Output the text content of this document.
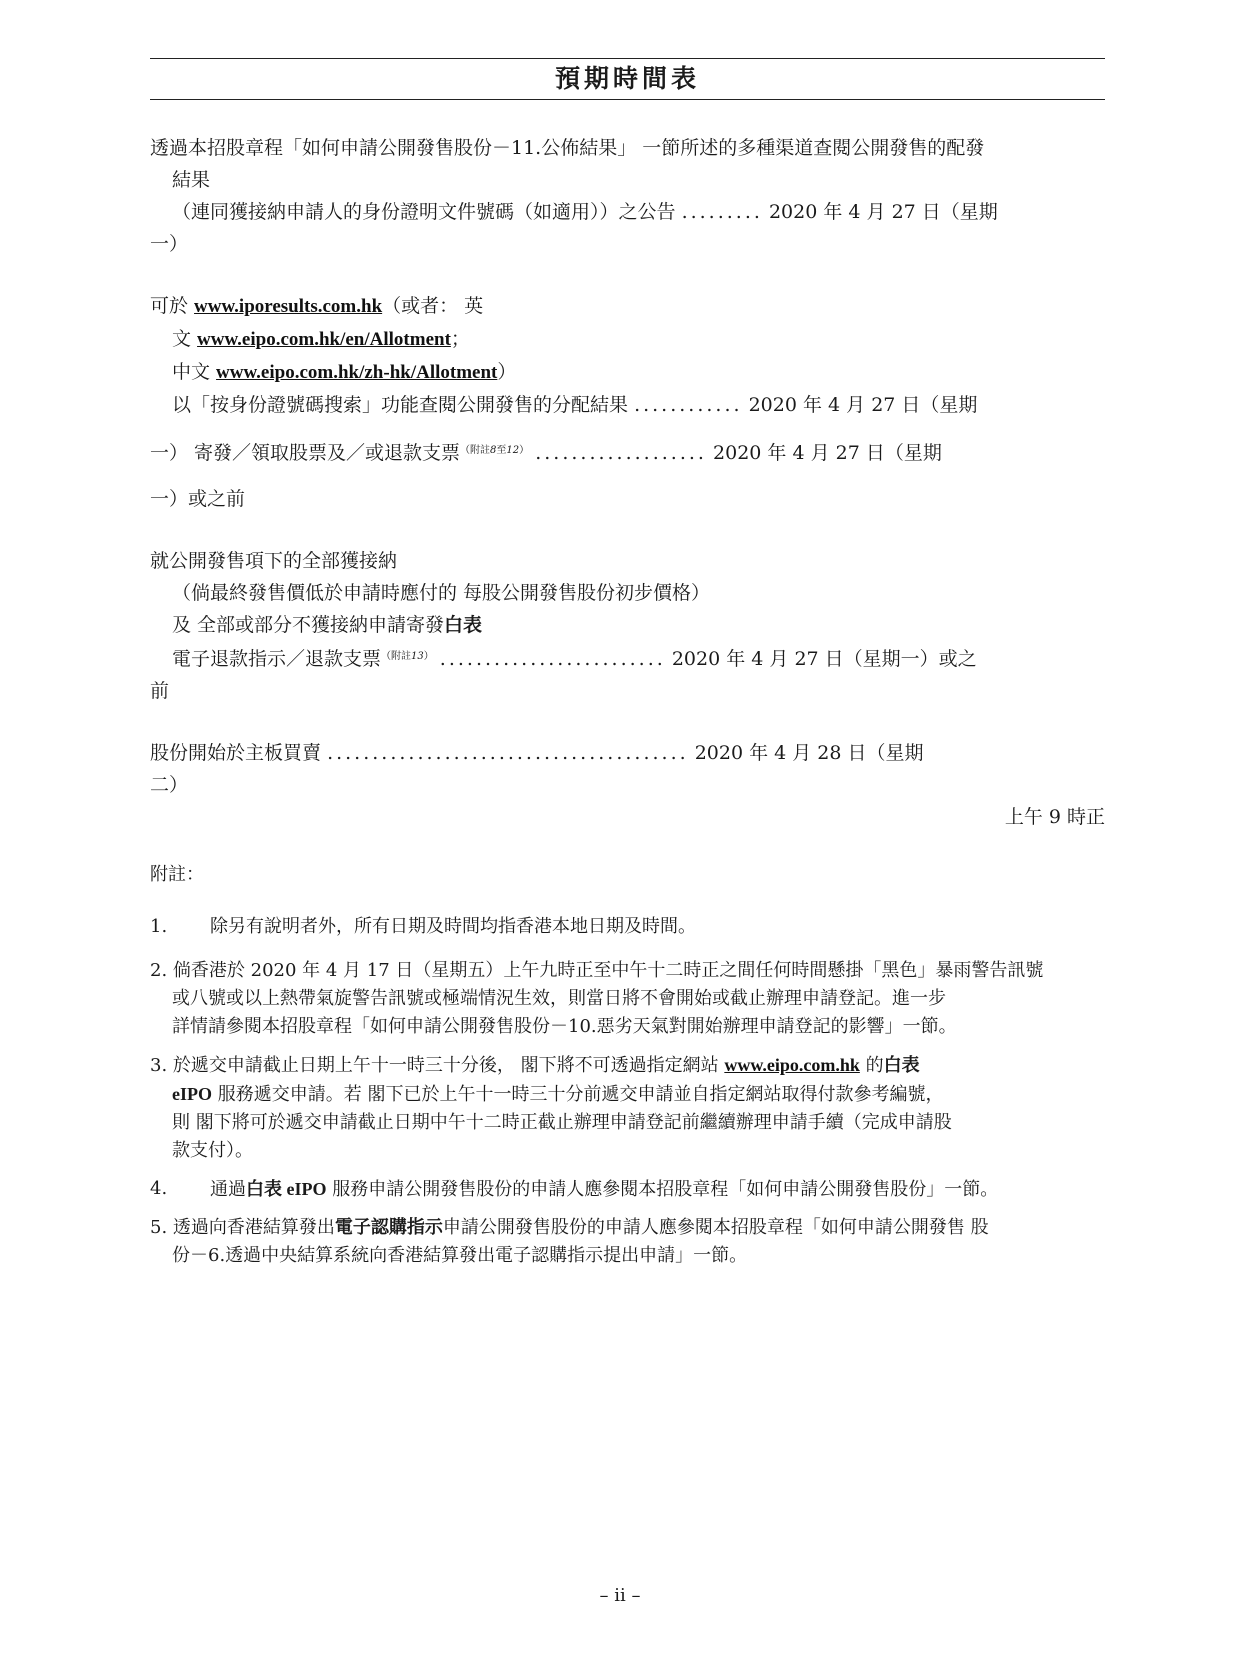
預期時間表
透過本招股章程「如何申請公開發售股份－11.公佈結果」 一節所述的多種渠道查閱公開發售的配發
結果
（連同獲接納申請人的身份證明文件號碼（如適用））之公告 ......... 2020 年 4 月 27 日（星期
一）
可於 www.iporesults.com.hk（或者： 英
文 www.eipo.com.hk/en/Allotment；
中文 www.eipo.com.hk/zh-hk/Allotment）
以「按身份證號碼搜索」功能查閱公開發售的分配結果 ............ 2020 年 4 月 27 日（星期
一） 寄發／領取股票及／或退款支票$^{(附註8至12)}$ ................... 2020 年 4 月 27 日（星期
一）或之前
就公開發售項下的全部獲接納
（倘最終發售價低於申請時應付的 每股公開發售股份初步價格）
及 全部或部分不獲接納申請寄發白表
電子退款指示／退款支票$^{(附註13)}$ ......................... 2020 年 4 月 27 日（星期一）或之
前
股份開始於主板買賣 ........................................ 2020 年 4 月 28 日（星期
二）
上午 9 時正
附註：
1.	除另有說明者外，所有日期及時間均指香港本地日期及時間。
2. 倘香港於 2020 年 4 月 17 日（星期五）上午九時正至中午十二時正之間任何時間懸掛「黑色」暴雨警告訊號
或八號或以上熱帶氣旋警告訊號或極端情況生效，則當日將不會開始或截止辦理申請登記。進一步
詳情請參閱本招股章程「如何申請公開發售股份－10.惡劣天氣對開始辦理申請登記的影響」一節。
3. 於遞交申請截止日期上午十一時三十分後， 閣下將不可透過指定網站 www.eipo.com.hk 的白表
eIPO 服務遞交申請。若 閣下已於上午十一時三十分前遞交申請並自指定網站取得付款參考編號，
則 閣下將可於遞交申請截止日期中午十二時正截止辦理申請登記前繼續辦理申請手續（完成申請股
款支付）。
4.	通過白表 eIPO 服務申請公開發售股份的申請人應參閱本招股章程「如何申請公開發售股份」一節。
5. 透過向香港結算發出電子認購指示申請公開發售股份的申請人應參閱本招股章程「如何申請公開發售 股
份－6.透過中央結算系統向香港結算發出電子認購指示提出申請」一節。
– ii –
